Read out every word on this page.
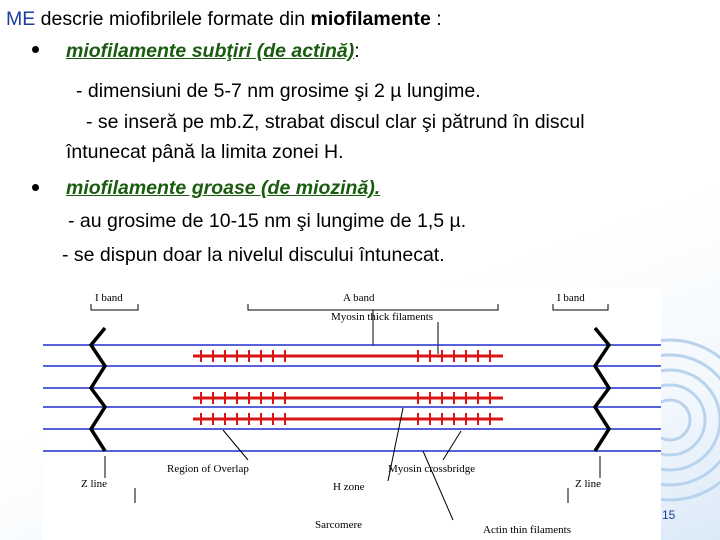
ME descrie miofibrilele formate din miofilamente :
miofilamente subţiri (de actină):
- dimensiuni de 5-7 nm grosime şi 2 µ lungime.
- se inseră pe mb.Z, strabat discul clar şi pătrund în discul
întunecat până la limita zonei H.
miofilamente groase (de miozină).
- au grosime de 10-15 nm şi lungime de 1,5 µ.
- se dispun doar la nivelul discului întunecat.
I band	A band	I band
Myosin thick filaments
Region of Overlap	Myosin crossbridge
Z line	H zone	Z line
Sarcomere	Actin thin filaments
15
